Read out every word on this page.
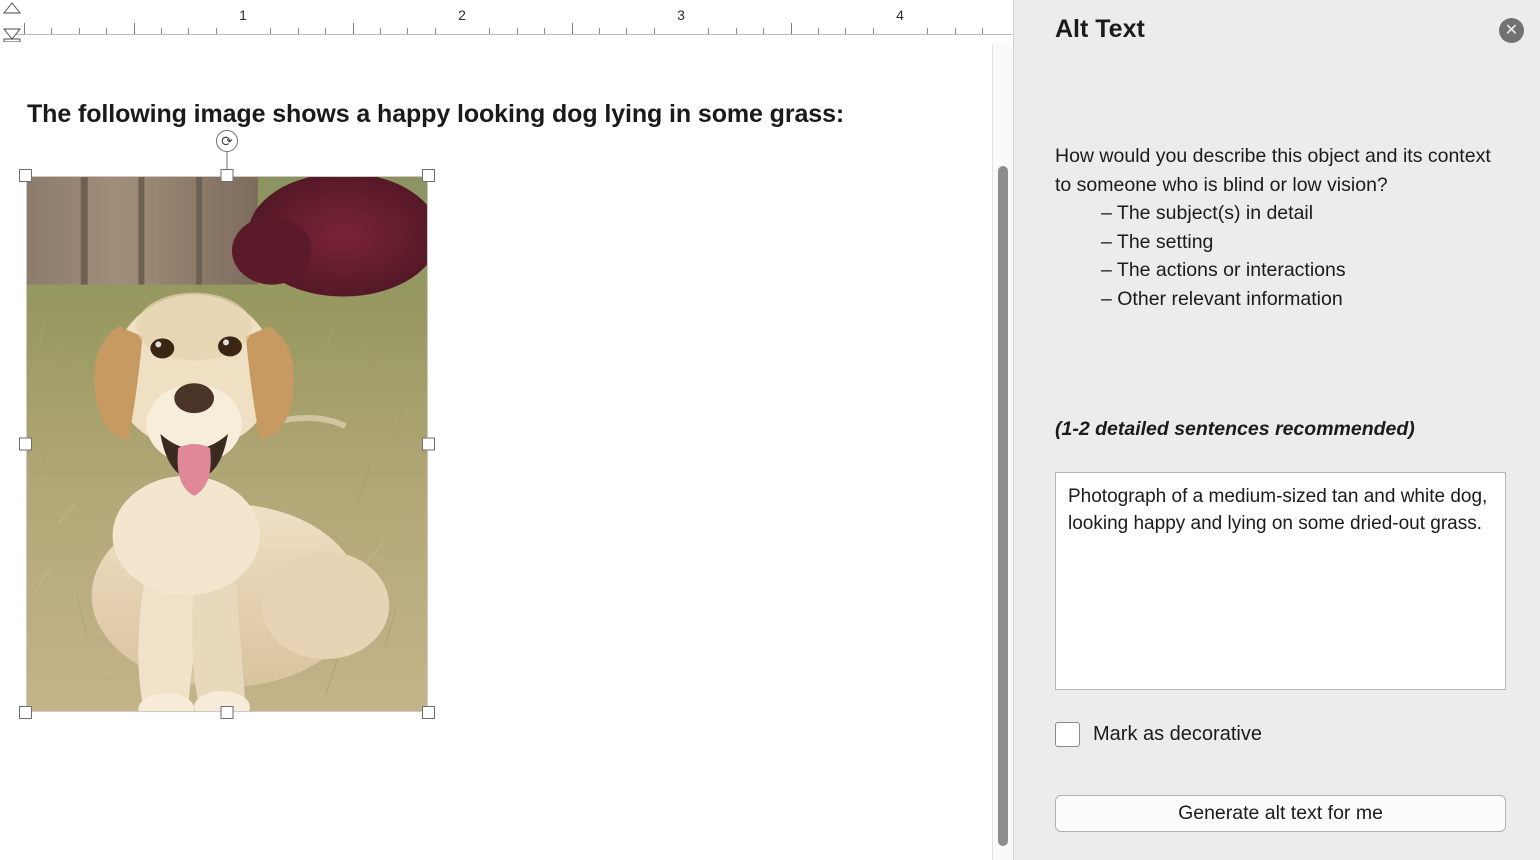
1	2	3	4
The following image shows a happy looking dog lying in some grass:
⟳
Alt Text	✕
How would you describe this object and its context to someone who is blind or low vision?
– The subject(s) in detail
– The setting
– The actions or interactions
– Other relevant information
(1-2 detailed sentences recommended)
Photograph of a medium-sized tan and white dog, looking happy and lying on some dried-out grass.
Mark as decorative
Generate alt text for me
